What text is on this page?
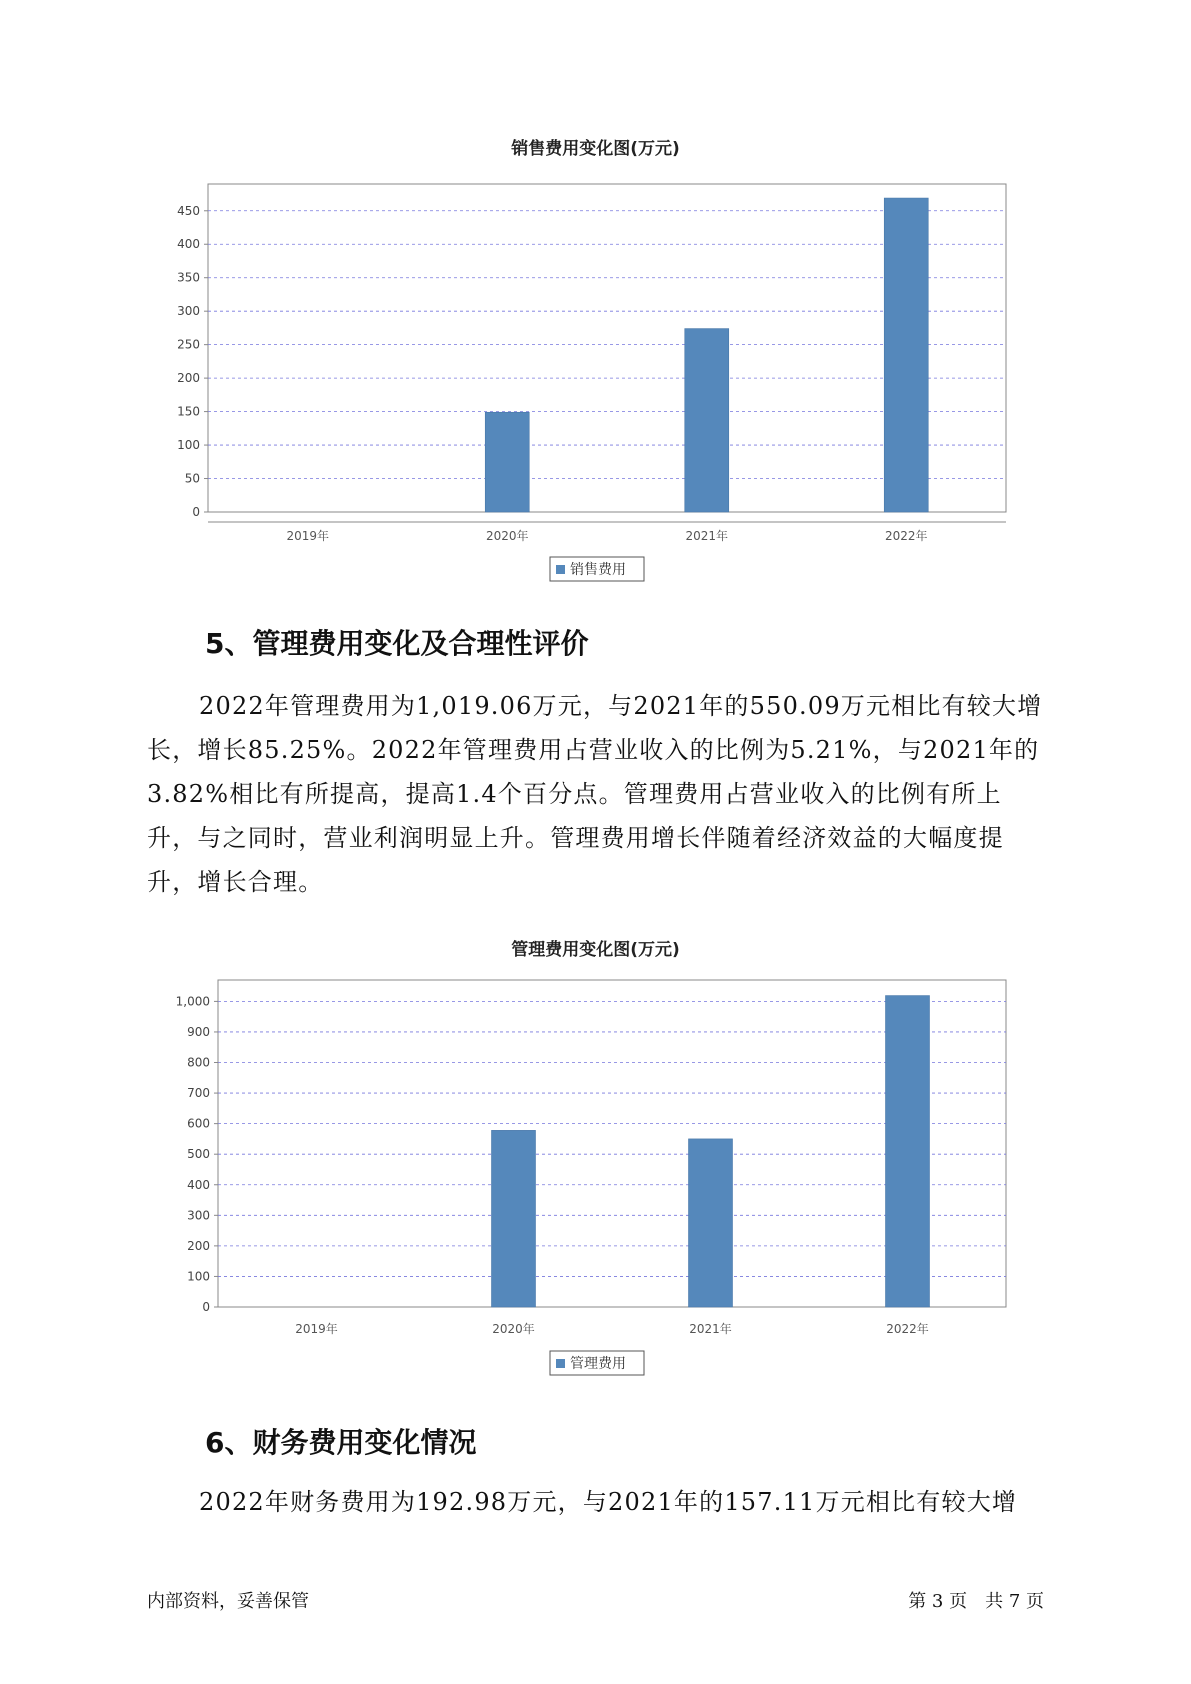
销售费用变化图(万元)
0
50
100
150
200
250
300
350
400
450
2019年	2020年	2021年	2022年
销售费用
5、管理费用变化及合理性评价

2022年管理费用为1,019.06万元，与2021年的550.09万元相比有较大增长，增长85.25%。2022年管理费用占营业收入的比例为5.21%，与2021年的3.82%相比有所提高，提高1.4个百分点。管理费用占营业收入的比例有所上升，与之同时，营业利润明显上升。管理费用增长伴随着经济效益的大幅度提升，增长合理。

管理费用变化图(万元)
0
100
200
300
400
500
600
700
800
900
1,000
2019年	2020年	2021年	2022年
管理费用
6、财务费用变化情况

2022年财务费用为192.98万元，与2021年的157.11万元相比有较大增

内部资料，妥善保管	第 3 页　共 7 页
